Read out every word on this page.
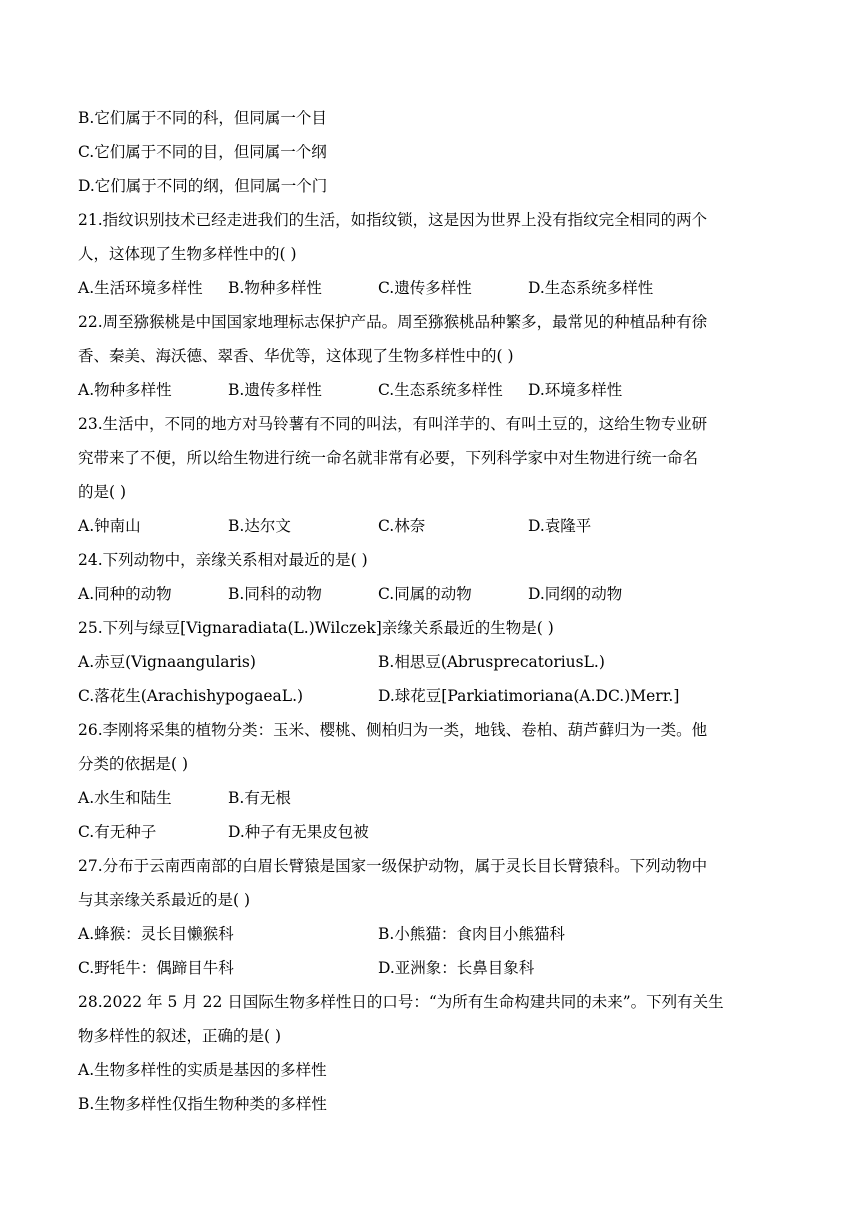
B.它们属于不同的科，但同属一个目
C.它们属于不同的目，但同属一个纲
D.它们属于不同的纲，但同属一个门
21.指纹识别技术已经走进我们的生活，如指纹锁，这是因为世界上没有指纹完全相同的两个
人，这体现了生物多样性中的( )
A.生活环境多样性	B.物种多样性	C.遗传多样性	D.生态系统多样性
22.周至猕猴桃是中国国家地理标志保护产品。周至猕猴桃品种繁多，最常见的种植品种有徐
香、秦美、海沃德、翠香、华优等，这体现了生物多样性中的( )
A.物种多样性	B.遗传多样性	C.生态系统多样性	D.环境多样性
23.生活中，不同的地方对马铃薯有不同的叫法，有叫洋芋的、有叫土豆的，这给生物专业研
究带来了不便，所以给生物进行统一命名就非常有必要，下列科学家中对生物进行统一命名
的是( )
A.钟南山	B.达尔文	C.林奈	D.袁隆平
24.下列动物中，亲缘关系相对最近的是( )
A.同种的动物	B.同科的动物	C.同属的动物	D.同纲的动物
25.下列与绿豆[Vignaradiata(L.)Wilczek]亲缘关系最近的生物是( )
A.赤豆(Vignaangularis)	B.相思豆(AbrusprecatoriusL.)
C.落花生(ArachishypogaeaL.)	D.球花豆[Parkiatimoriana(A.DC.)Merr.]
26.李刚将采集的植物分类：玉米、樱桃、侧柏归为一类，地钱、卷柏、葫芦藓归为一类。他
分类的依据是( )
A.水生和陆生	B.有无根
C.有无种子	D.种子有无果皮包被
27.分布于云南西南部的白眉长臂猿是国家一级保护动物，属于灵长目长臂猿科。下列动物中
与其亲缘关系最近的是( )
A.蜂猴：灵长目懒猴科	B.小熊猫：食肉目小熊猫科
C.野牦牛：偶蹄目牛科	D.亚洲象：长鼻目象科
28.2022 年 5 月 22 日国际生物多样性日的口号：“为所有生命构建共同的未来”。下列有关生
物多样性的叙述，正确的是( )
A.生物多样性的实质是基因的多样性
B.生物多样性仅指生物种类的多样性
